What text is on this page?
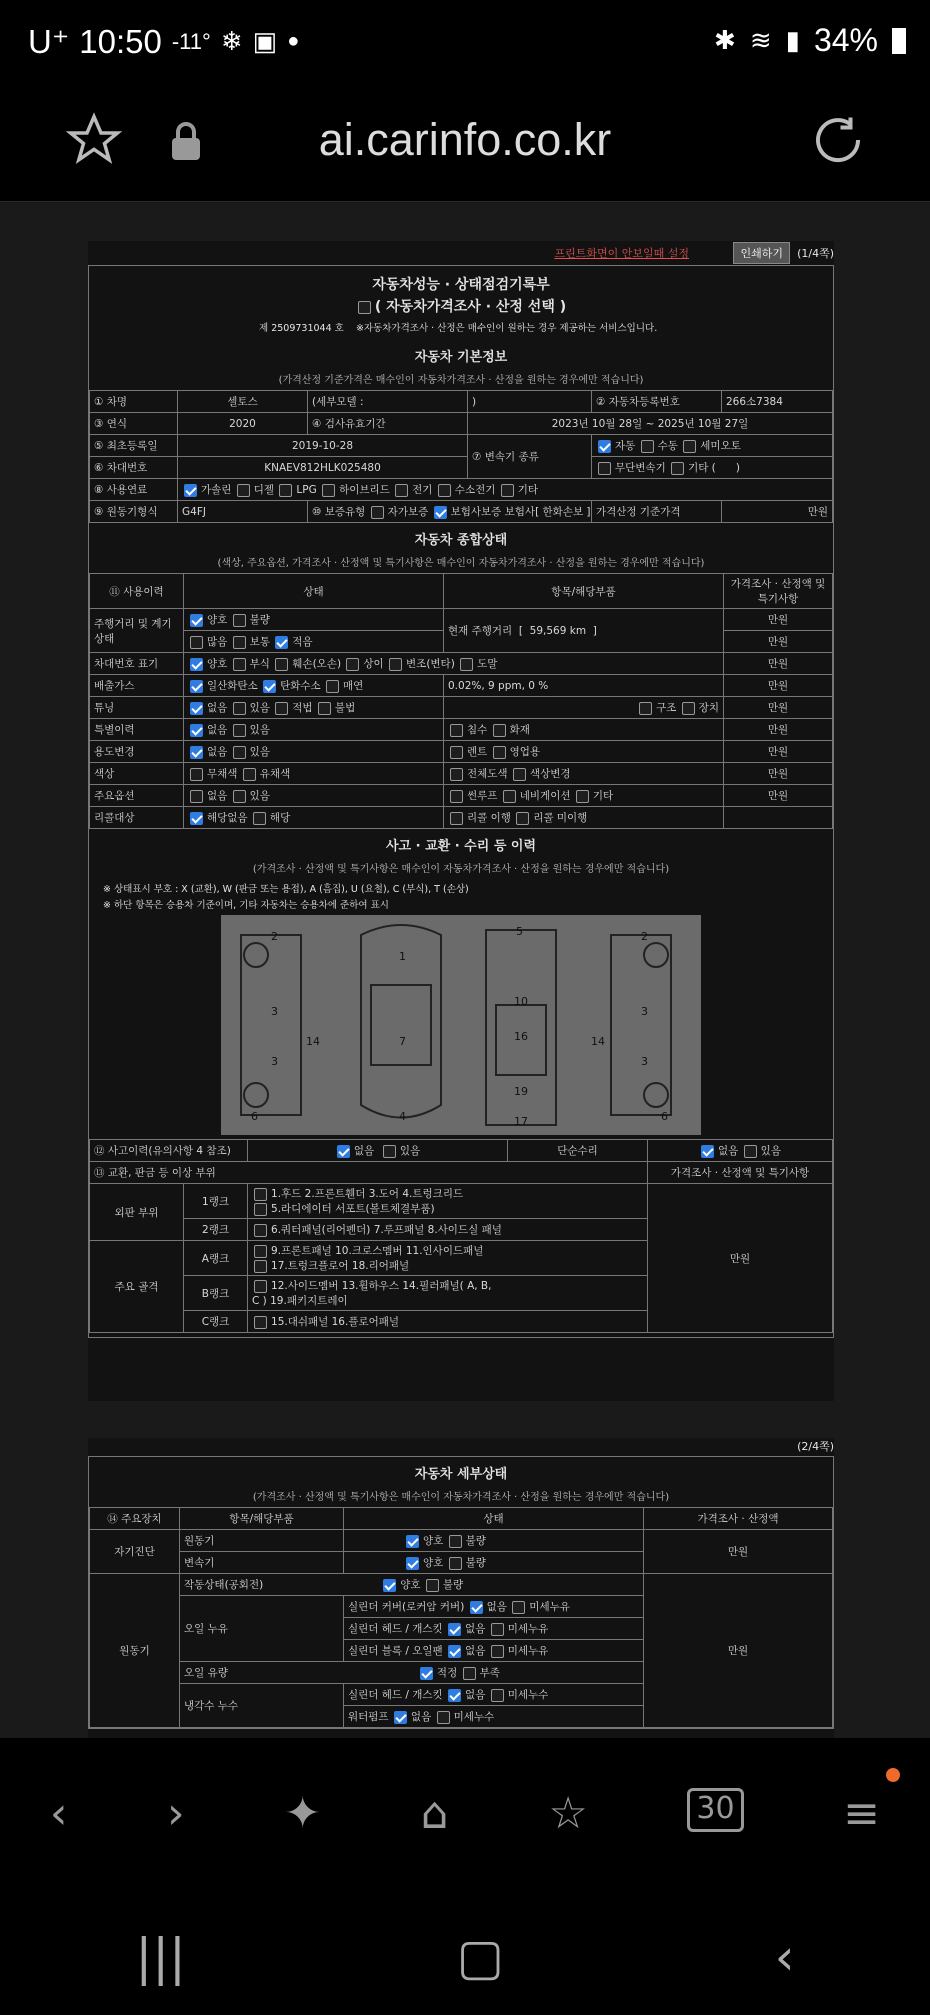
U⁺ 10:50 -11° ❄ ▣ ●	✱ ≋ ▮ 34%
ai.carinfo.co.kr
프린트화면이 안보일때 설정	인쇄하기	(1/4쪽)
자동차성능 · 상태점검기록부
( 자동차가격조사 · 산정 선택 )
제 2509731044 호 ※자동차가격조사 · 산정은 매수인이 원하는 경우 제공하는 서비스입니다.
자동차 기본정보
(가격산정 기준가격은 매수인이 자동차가격조사 · 산정을 원하는 경우에만 적습니다)
① 차명	셀토스	(세부모델 :	)	② 자동차등록번호	266소7384
③ 연식	2020	④ 검사유효기간	2023년 10월 28일 ~ 2025년 10월 27일		
⑤ 최초등록일	2019-10-28		⑦ 변속기 종류	자동 수동 세미오토	
⑥ 차대번호	KNAEV812HLK025480			무단변속기 기타 ( )	
⑧ 사용연료	가솔린 디젤 LPG 하이브리드 전기 수소전기 기타				
⑨ 원동기형식	G4FJ	⑩ 보증유형 자가보증 보험사보증 보험사[ 한화손보 ]		가격산정 기준가격	만원
자동차 종합상태
(색상, 주요옵션, 가격조사 · 산정액 및 특기사항은 매수인이 자동차가격조사 · 산정을 원하는 경우에만 적습니다)
⑪ 사용이력	상태	항목/해당부품	가격조사 · 산정액 및 특기사항
주행거리 및 계기상태	양호 불량	현재 주행거리  [  59,569 km  ]	만원
	많음 보통 적음		만원
차대번호 표기	양호 부식 훼손(오손) 상이 변조(변타) 도말		만원
배출가스	일산화탄소 탄화수소 매연	0.02%, 9 ppm, 0 %	만원
튜닝	없음 있음 적법 불법	구조 장치	만원
특별이력	없음 있음	침수 화재	만원
용도변경	없음 있음	렌트 영업용	만원
색상	무채색 유채색	전체도색 색상변경	만원
주요옵션	없음 있음	썬루프 네비게이션 기타	만원
리콜대상	해당없음 해당	리콜 이행 리콜 미이행	
사고 · 교환 · 수리 등 이력
(가격조사 · 산정액 및 특기사항은 매수인이 자동차가격조사 · 산정을 원하는 경우에만 적습니다)
※ 상태표시 부호 : X (교환), W (판금 또는 용접), A (흠집), U (요철), C (부식), T (손상)
※ 하단 항목은 승용차 기준이며, 기타 자동차는 승용차에 준하여 표시
2
3
3
6
14
1
7
4
5
10
16
19
17
2
3
3
6
14
⑫ 사고이력(유의사항 4 참조)		없음 있음	단순수리	없음 있음
⑬ 교환, 판금 등 이상 부위				가격조사 · 산정액 및 특기사항
외판 부위	1랭크	1.후드 2.프론트휀더 3.도어 4.트렁크리드
5.라디에이터 서포트(볼트체결부품)		만원
	2랭크	6.쿼터패널(리어펜더) 7.루프패널 8.사이드실 패널		
주요 골격	A랭크	9.프론트패널 10.크로스멤버 11.인사이드패널
17.트렁크플로어 18.리어패널		
	B랭크	12.사이드멤버 13.휠하우스 14.필러패널( A, B,
C ) 19.패키지트레이		
	C랭크	15.대쉬패널 16.플로어패널		
(2/4쪽)
자동차 세부상태
(가격조사 · 산정액 및 특기사항은 매수인이 자동차가격조사 · 산정을 원하는 경우에만 적습니다)
⑭ 주요장치	항목/해당부품	상태	가격조사 · 산정액
자기진단	원동기	양호 불량	만원
	변속기	양호 불량	
원동기	작동상태(공회전) 양호 불량		만원
	오일 누유	실린더 커버(로커암 커버) 없음 미세누유	
		실린더 헤드 / 개스킷 없음 미세누유	
		실린더 블록 / 오일팬 없음 미세누유	
	오일 유량 적정 부족		
	냉각수 누수	실린더 헤드 / 개스킷 없음 미세누수	
		워터펌프 없음 미세누수	
‹ › ✦ ⌂ ☆	30 ≡
|||	▢	‹
